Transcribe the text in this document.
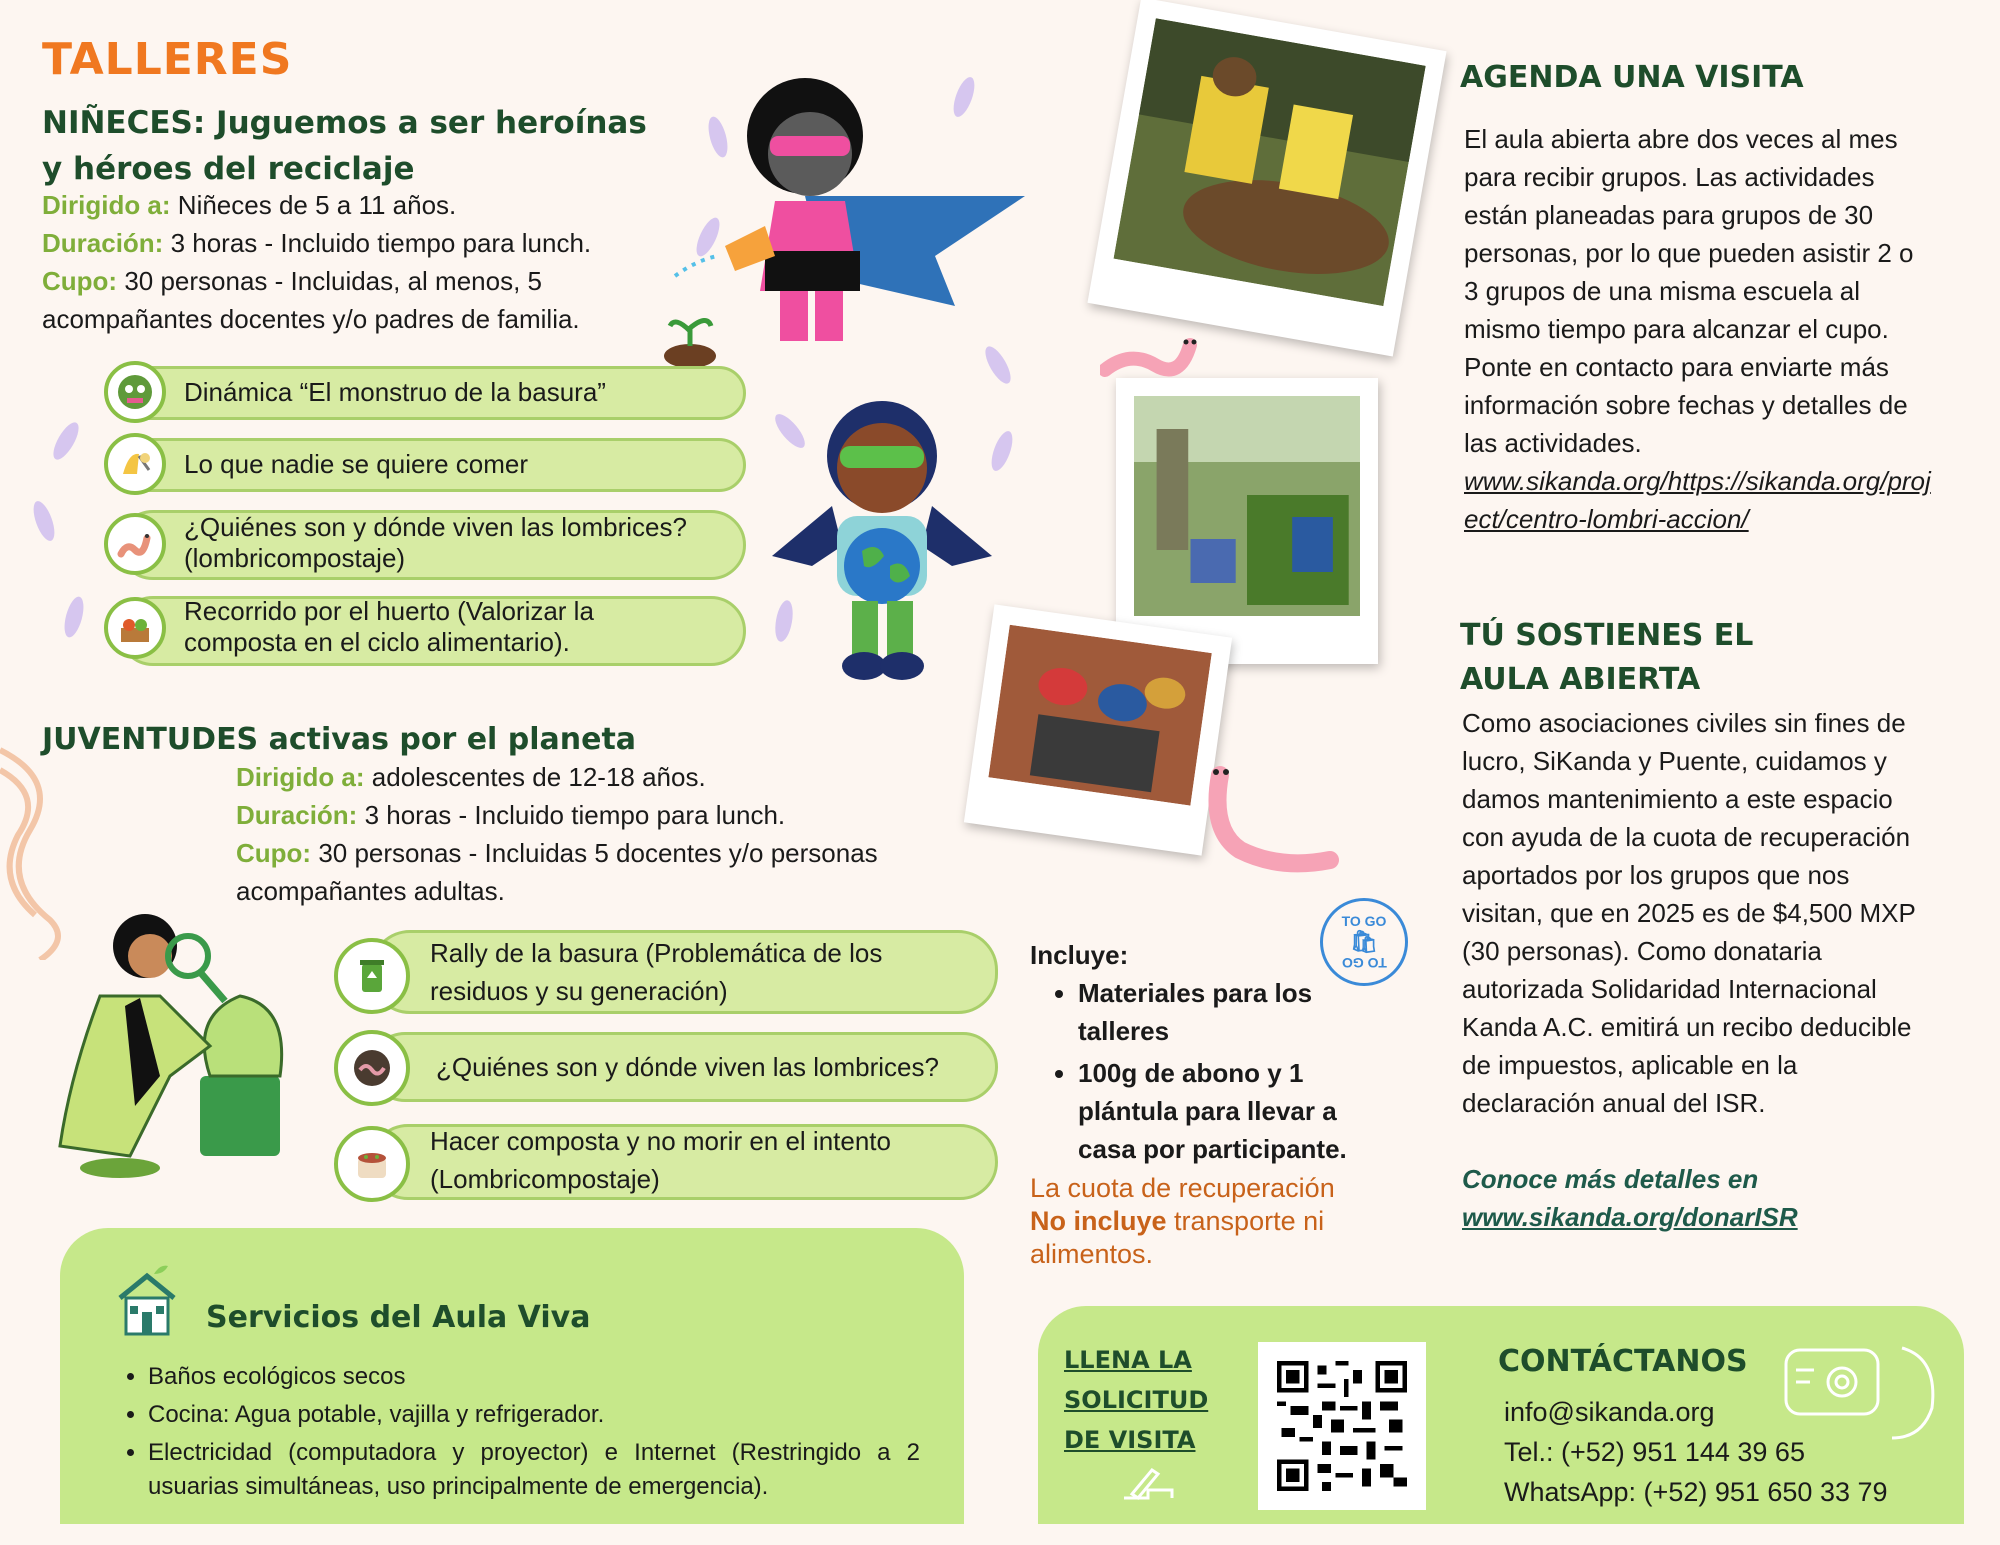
TALLERES
NIÑECES: Juguemos a ser heroínas
y héroes del reciclaje
Dirigido a: Niñeces de 5 a 11 años.
Duración: 3 horas - Incluido tiempo para lunch.
Cupo: 30 personas - Incluidas, al menos, 5
acompañantes docentes y/o padres de familia.
Dinámica “El monstruo de la basura”
Lo que nadie se quiere comer
¿Quiénes son y dónde viven las lombrices?
(lombricompostaje)
Recorrido por el huerto (Valorizar la
composta en el ciclo alimentario).
JUVENTUDES activas por el planeta
Dirigido a: adolescentes de 12-18 años.
Duración: 3 horas - Incluido tiempo para lunch.
Cupo: 30 personas - Incluidas 5 docentes y/o personas
acompañantes adultas.
Rally de la basura (Problemática de los
residuos y su generación)
¿Quiénes son y dónde viven las lombrices?
Hacer composta y no morir en el intento
(Lombricompostaje)
TO GO
🛍
TO GO
Incluye:
• Materiales para los talleres
• 100g de abono y 1 plántula para llevar a casa por participante.
La cuota de recuperación
No incluye transporte ni alimentos.
Servicios del Aula Viva
• Baños ecológicos secos
• Cocina: Agua potable, vajilla y refrigerador.
• Electricidad (computadora y proyector) e Internet (Restringido a 2 usuarias simultáneas, uso principalmente de emergencia).
AGENDA UNA VISITA
El aula abierta abre dos veces al mes para recibir grupos. Las actividades están planeadas para grupos de 30 personas, por lo que pueden asistir 2 o 3 grupos de una misma escuela al mismo tiempo para alcanzar el cupo.
Ponte en contacto para enviarte más información sobre fechas y detalles de las actividades.
www.sikanda.org/https://sikanda.org/project/centro-lombri-accion/
TÚ SOSTIENES EL
AULA ABIERTA
Como asociaciones civiles sin fines de lucro, SiKanda y Puente, cuidamos y damos mantenimiento a este espacio con ayuda de la cuota de recuperación aportados por los grupos que nos visitan, que en 2025 es de $4,500 MXP (30 personas). Como donataria autorizada Solidaridad Internacional Kanda A.C. emitirá un recibo deducible de impuestos, aplicable en la declaración anual del ISR.
Conoce más detalles en
www.sikanda.org/donarISR
LLENA LA
SOLICITUD
DE VISITA
CONTÁCTANOS
info@sikanda.org
Tel.: (+52) 951 144 39 65
WhatsApp: (+52) 951 650 33 79
